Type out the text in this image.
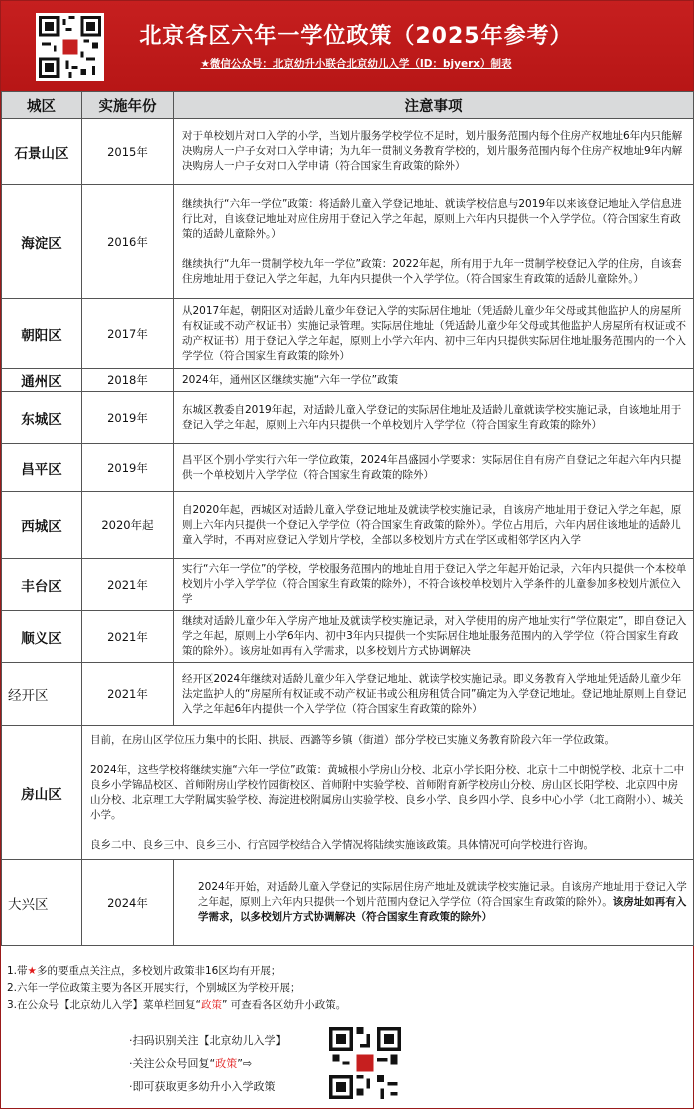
北京各区六年一学位政策（2025年参考）
★微信公众号：北京幼升小联合北京幼儿入学（ID：bjyerx）制表
城区	实施年份	注意事项
石景山区	2015年	对于单校划片对口入学的小学，当划片服务学校学位不足时，划片服务范围内每个住房产权地址6年内只能解决购房人一户子女对口入学申请；为九年一贯制义务教育学校的，划片服务范围内每个住房产权地址9年内解决购房人一户子女对口入学申请（符合国家生育政策的除外）

海淀区	2016年	继续执行“六年一学位”政策：将适龄儿童入学登记地址、就读学校信息与2019年以来该登记地址入学信息进行比对，自该登记地址对应住房用于登记入学之年起，原则上六年内只提供一个入学学位。（符合国家生育政策的适龄儿童除外。）

继续执行“九年一贯制学校九年一学位”政策：2022年起，所有用于九年一贯制学校登记入学的住房，自该套住房地址用于登记入学之年起，九年内只提供一个入学学位。（符合国家生育政策的适龄儿童除外。）

朝阳区	2017年	从2017年起，朝阳区对适龄儿童少年登记入学的实际居住地址（凭适龄儿童少年父母或其他监护人的房屋所有权证或不动产权证书）实施记录管理。实际居住地址（凭适龄儿童少年父母或其他监护人房屋所有权证或不动产权证书）用于登记入学之年起，原则上小学六年内、初中三年内只提供实际居住地址服务范围内的一个入学学位（符合国家生育政策的除外）

通州区	2018年	2024年，通州区区继续实施“六年一学位”政策

东城区	2019年	东城区教委自2019年起，对适龄儿童入学登记的实际居住地址及适龄儿童就读学校实施记录，自该地址用于登记入学之年起，原则上六年内只提供一个单校划片入学学位（符合国家生育政策的除外）

昌平区	2019年	昌平区个别小学实行六年一学位政策，2024年昌盛园小学要求：实际居住自有房产自登记之年起六年内只提供一个单校划片入学学位（符合国家生育政策的除外）

西城区	2020年起	自2020年起，西城区对适龄儿童入学登记地址及就读学校实施记录，自该房产地址用于登记入学之年起，原则上六年内只提供一个登记入学学位（符合国家生育政策的除外）。学位占用后，六年内居住该地址的适龄儿童入学时，不再对应登记入学划片学校，全部以多校划片方式在学区或相邻学区内入学

丰台区	2021年	实行“六年一学位”的学校，学校服务范围内的地址自用于登记入学之年起开始记录，六年内只提供一个本校单校划片小学入学学位（符合国家生育政策的除外），不符合该校单校划片入学条件的儿童参加多校划片派位入学

顺义区	2021年	继续对适龄儿童少年入学房产地址及就读学校实施记录，对入学使用的房产地址实行“学位限定”，即自登记入学之年起，原则上小学6年内、初中3年内只提供一个实际居住地址服务范围内的入学学位（符合国家生育政策的除外）。该房址如再有入学需求，以多校划片方式协调解决

经开区	2021年	经开区2024年继续对适龄儿童少年入学登记地址、就读学校实施记录。即义务教育入学地址凭适龄儿童少年法定监护人的“房屋所有权证或不动产权证书或公租房租赁合同”确定为入学登记地址。登记地址原则上自登记入学之年起6年内提供一个入学学位（符合国家生育政策的除外）

房山区	目前，在房山区学位压力集中的长阳、拱辰、西潞等乡镇（街道）部分学校已实施义务教育阶段六年一学位政策。

2024年，这些学校将继续实施“六年一学位”政策：黄城根小学房山分校、北京小学长阳分校、北京十二中朗悦学校、北京十二中良乡小学锦品校区、首师附房山学校竹园街校区、首师附中实验学校、首师附育新学校房山分校、房山区长阳学校、北京四中房山分校、北京理工大学附属实验学校、海淀进校附属房山实验学校、良乡小学、良乡四小学、良乡中心小学（北工商附小）、城关小学。

良乡二中、良乡三中、良乡三小、行宫园学校结合入学情况将陆续实施该政策。具体情况可向学校进行咨询。	

大兴区	2024年	2024年开始，对适龄儿童入学登记的实际居住房产地址及就读学校实施记录。自该房产地址用于登记入学之年起，原则上六年内只提供一个划片范围内登记入学学位（符合国家生育政策的除外）。该房址如再有入学需求，以多校划片方式协调解决（符合国家生育政策的除外）
1.带★多的要重点关注点，多校划片政策非16区均有开展；
2.六年一学位政策主要为各区开展实行，个别城区为学校开展；
3.在公众号【北京幼儿入学】菜单栏回复“政策” 可查看各区幼升小政策。
·扫码识别关注【北京幼儿入学】
·关注公众号回复“政策”⇨
·即可获取更多幼升小入学政策
